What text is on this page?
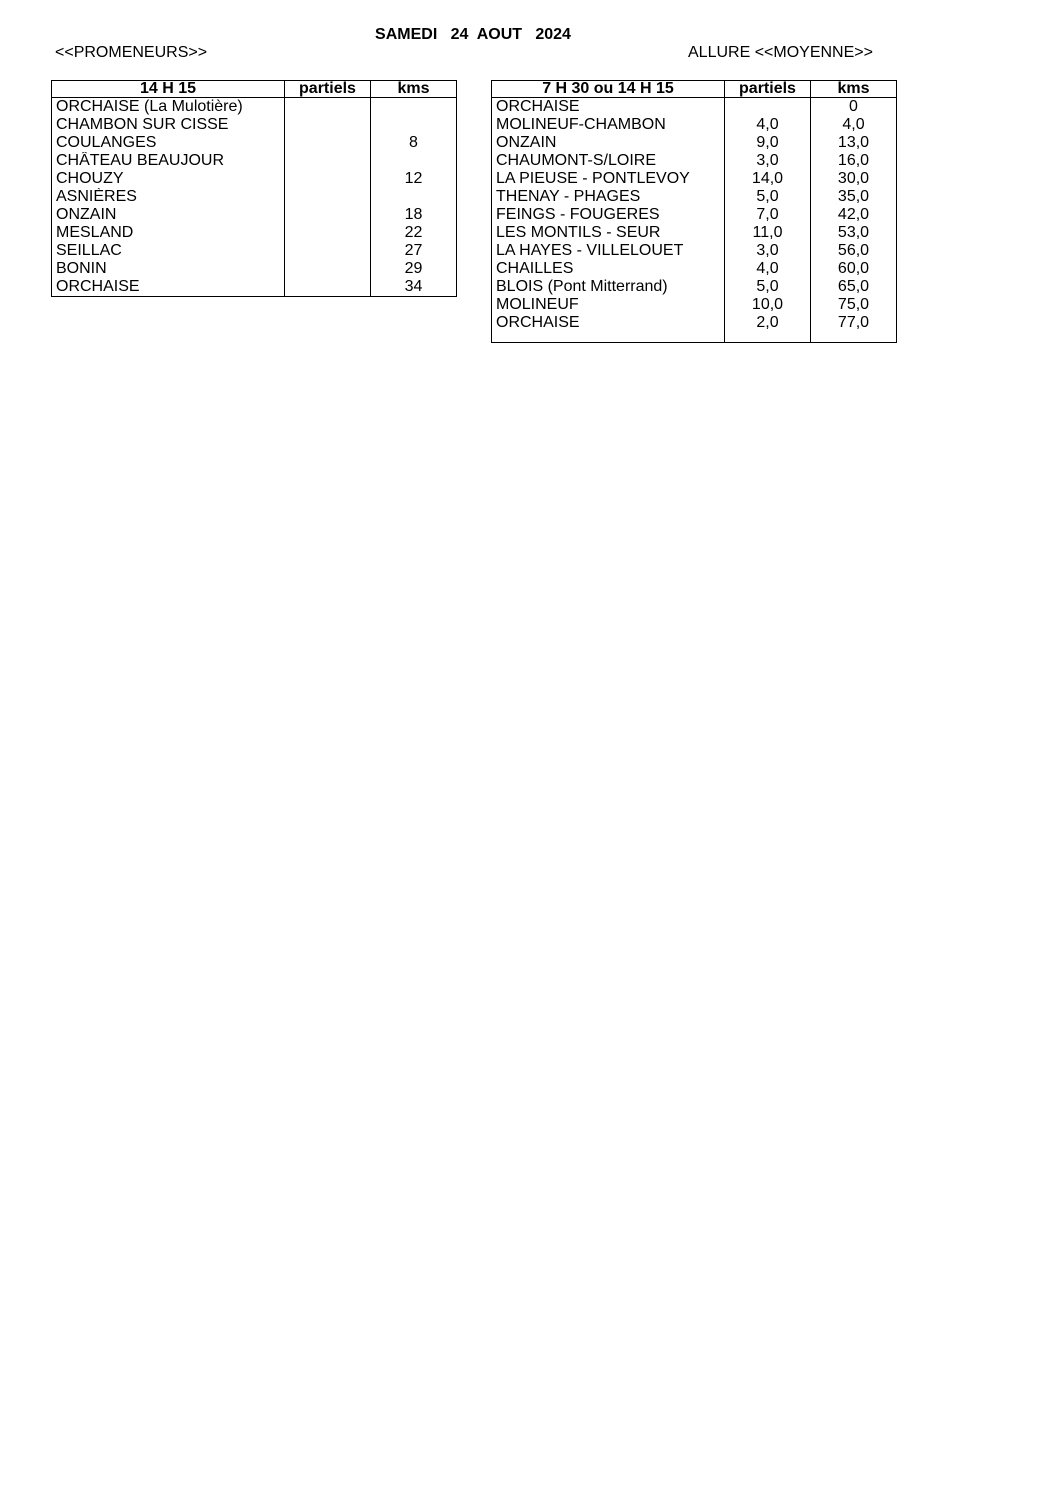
SAMEDI   24  AOUT   2024
<<PROMENEURS>>	ALLURE <<MOYENNE>>
14 H 15	partiels	kms
ORCHAISE (La Mulotière)		
CHAMBON SUR CISSE		
COULANGES		8
CHÂTEAU BEAUJOUR		
CHOUZY		12
ASNIÈRES		
ONZAIN		18
MESLAND		22
SEILLAC		27
BONIN		29
ORCHAISE		34
7 H 30 ou 14 H 15	partiels	kms
ORCHAISE		0
MOLINEUF-CHAMBON	4,0	4,0
ONZAIN	9,0	13,0
CHAUMONT-S/LOIRE	3,0	16,0
LA PIEUSE - PONTLEVOY	14,0	30,0
THENAY - PHAGES	5,0	35,0
FEINGS - FOUGERES	7,0	42,0
LES MONTILS - SEUR	11,0	53,0
LA HAYES - VILLELOUET	3,0	56,0
CHAILLES	4,0	60,0
BLOIS (Pont Mitterrand)	5,0	65,0
MOLINEUF	10,0	75,0
ORCHAISE	2,0	77,0
